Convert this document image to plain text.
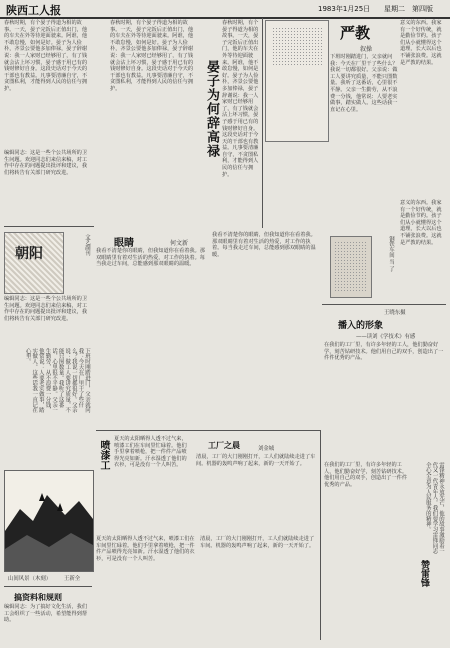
陕西工人报	1983年1月25日 星期二 第四版
春秋时期，有个晏子得道为相的故事。一天，晏子完饭后正值出门，他的车夫在外等待迎面驶来。阿谁，他不敢怠慢，如何是好。晏子为人俭朴，齐景公要他多加俸禄，晏子辞谢说：我一人家财已经够用了，有了钱就会沾上坏习惯，晏子感于用已有的钱财修好自身。这段史话对于今天的干部也有教益。凡事要清廉自守，不贪图私利，才能得到人民的信任与拥护。	晏子为何辞高禄
春秋时期，有个晏子得道为相的故事。一天，晏子完饭后正值出门，他的车夫在外等待迎面驶来。阿谁，他不敢怠慢，如何是好。晏子为人俭朴，齐景公要他多加俸禄，晏子辞谢说：我一人家财已经够用了，有了钱就会沾上坏习惯，晏子感于用已有的钱财修好自身。这段史话对于今天的干部也有教益。凡事要清廉自守，不贪图私利，才能得到人民的信任与拥护。
春秋时期，有个晏子得道为相的故事。一天，晏子完饭后正值出门，他的车夫在外等待迎面驶来。阿谁，他不敢怠慢，如何是好。晏子为人俭朴，齐景公要他多加俸禄，晏子辞谢说：我一人家财已经够用了，有了钱就会沾上坏习惯，晏子感于用已有的钱财修好自身。这段史话对于今天的干部也有教益。凡事要清廉自守，不贪图私利，才能得到人民的信任与拥护。
严教
叙操
下班时刚踏进门，父亲就问我：今天在厂里干了些什么？我说一切都很好。父亲说：做工人要讲究质量，不能只图数量。我听了这番话，心里很不平静。父亲一生勤劳，从不浪费一分钱，他常说：人要老实做事，踏实做人。这些话我一直记在心里。
意义的东西。我家有一个好传统，就是勤俭节约。孩子们从小就懂得这个道理，长大以后也不铺张浪费。这就是严教的结果。
编辑同志：这是一些个公共场所的卫生问题。欢迎同志们来信来稿，对工作中存在的问题提出批评和建议，我们将转告有关部门研究改进。
朝阳	文艺副刊
编辑同志：这是一些个公共场所的卫生问题。欢迎同志们来信来稿，对工作中存在的问题提出批评和建议，我们将转告有关部门研究改进。
下班时刚踏进门，父亲就问我：今天在厂里干了些什么？我说一切都很好。父亲说：做工人要讲究质量，不能只图数量。我听了这番话，心里很不平静。父亲一生勤劳，从不浪费一分钱，他常说：人要老实做事，踏实做人。这些话我一直记在心里。
眼睛	何文新
我看不清楚你的眼睛，但我知道你在看着我。那双眼睛里有着对生活的热爱，对工作的执着。每当我走过车间，总能感到那双眼睛的温暖。
我看不清楚你的眼睛，但我知道你在看着我。那双眼睛里有着对生活的热爱，对工作的执着。每当我走过车间，总能感到那双眼睛的温暖。	钢铁车间 当 了
意义的东西。我家有一个好传统，就是勤俭节约。孩子们从小就懂得这个道理，长大以后也不铺张浪费。这就是严教的结果。
王晓东摄
播入的形象
——读刘《学技术》有感
在我们的工厂里，有许多年轻的工人，他们勤奋好学，刻苦钻研技术。他们用自己的双手，创造出了一件件优秀的产品。
喷漆工
夏天的太阳晒得人透不过气来，喷漆工们在车间里忙碌着。他们手里拿着喷枪，把一件件产品喷得光亮如新。汗水湿透了他们的衣衫，可是没有一个人叫苦。
工厂之晨	刘金城
清晨，工厂的大门刚刚打开，工人们就陆续走进了车间。机器的轰鸣声响了起来，新的一天开始了。
山间风景（木刻） 王新全
搞资料和规则
编辑同志：为了搞好文化生活，我们工会组织了一些活动，希望能得到帮助。
夏天的太阳晒得人透不过气来，喷漆工们在车间里忙碌着。他们手里拿着喷枪，把一件件产品喷得光亮如新。汗水湿透了他们的衣衫，可是没有一个人叫苦。
清晨，工厂的大门刚刚打开，工人们就陆续走进了车间。机器的轰鸣声响了起来，新的一天开始了。
在我们的工厂里，有许多年轻的工人，他们勤奋好学，刻苦钻研技术。他们用自己的双手，创造出了一件件优秀的产品。
赞雷锋
雷锋精神永放光芒，他的故事激励着一代又一代青年人。我们要学习雷锋同志全心全意为人民服务的精神。
